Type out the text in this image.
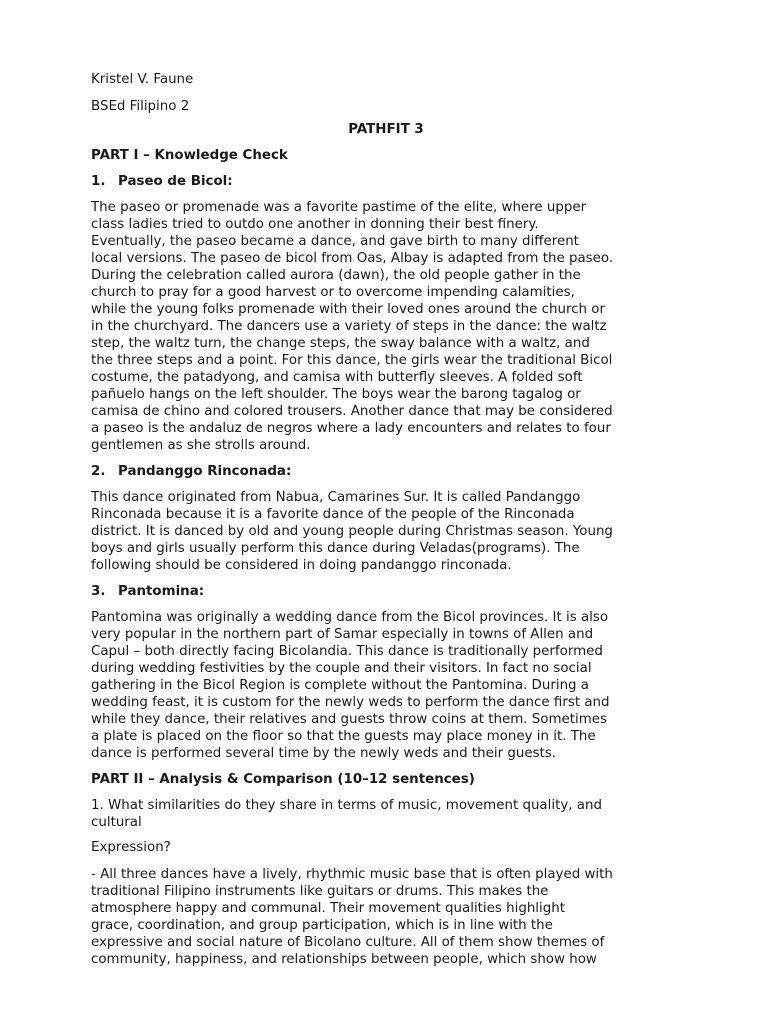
Kristel V. Faune

BSEd Filipino 2

PATHFIT 3

PART I – Knowledge Check

1. Paseo de Bicol:

The paseo or promenade was a favorite pastime of the elite, where upper
class ladies tried to outdo one another in donning their best finery.
Eventually, the paseo became a dance, and gave birth to many different
local versions. The paseo de bicol from Oas, Albay is adapted from the paseo.
During the celebration called aurora (dawn), the old people gather in the
church to pray for a good harvest or to overcome impending calamities,
while the young folks promenade with their loved ones around the church or
in the churchyard. The dancers use a variety of steps in the dance: the waltz
step, the waltz turn, the change steps, the sway balance with a waltz, and
the three steps and a point. For this dance, the girls wear the traditional Bicol
costume, the patadyong, and camisa with butterfly sleeves. A folded soft
pañuelo hangs on the left shoulder. The boys wear the barong tagalog or
camisa de chino and colored trousers. Another dance that may be considered
a paseo is the andaluz de negros where a lady encounters and relates to four
gentlemen as she strolls around.

2. Pandanggo Rinconada:

This dance originated from Nabua, Camarines Sur. It is called Pandanggo
Rinconada because it is a favorite dance of the people of the Rinconada
district. It is danced by old and young people during Christmas season. Young
boys and girls usually perform this dance during Veladas(programs). The
following should be considered in doing pandanggo rinconada.

3. Pantomina:

Pantomina was originally a wedding dance from the Bicol provinces. It is also
very popular in the northern part of Samar especially in towns of Allen and
Capul – both directly facing Bicolandia. This dance is traditionally performed
during wedding festivities by the couple and their visitors. In fact no social
gathering in the Bicol Region is complete without the Pantomina. During a
wedding feast, it is custom for the newly weds to perform the dance first and
while they dance, their relatives and guests throw coins at them. Sometimes
a plate is placed on the floor so that the guests may place money in it. The
dance is performed several time by the newly weds and their guests.

PART II – Analysis & Comparison (10–12 sentences)

1. What similarities do they share in terms of music, movement quality, and
cultural

Expression?

- All three dances have a lively, rhythmic music base that is often played with
traditional Filipino instruments like guitars or drums. This makes the
atmosphere happy and communal. Their movement qualities highlight
grace, coordination, and group participation, which is in line with the
expressive and social nature of Bicolano culture. All of them show themes of
community, happiness, and relationships between people, which show how
